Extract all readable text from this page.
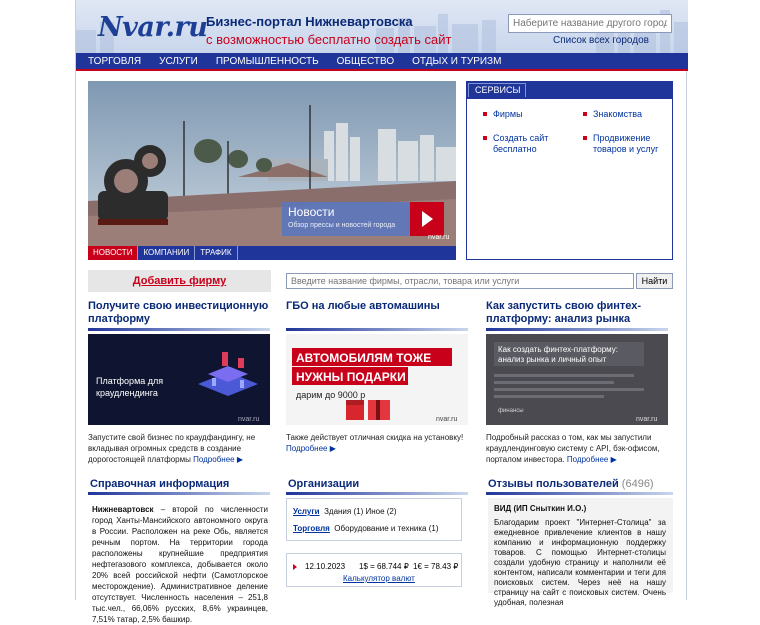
Nvar.ru
Бизнес-портал Нижневартовска
с возможностью бесплатно создать сайт
Наберите название другого города	Список всех городов
ТОРГОВЛЯ	УСЛУГИ	ПРОМЫШЛЕННОСТЬ	ОБЩЕСТВО	ОТДЫХ И ТУРИЗМ
Новости
Обзор прессы и новостей города
nvar.ru
НОВОСТИ	КОМПАНИИ	ТРАФИК
СЕРВИСЫ
Фирмы	Знакомства
Создать сайт бесплатно
Продвижение товаров и услуг
Добавить фирму
Введите название фирмы, отрасли, товара или услуги	Найти
Получите свою инвестиционную платформу
Платформа для
краудлендинга
nvar.ru
Запустите свой бизнес по краудфандингу, не вкладывая огромных средств в создание дорогостоящей платформы Подробнее ▶
ГБО на любые автомашины
АВТОМОБИЛЯМ ТОЖЕ
НУЖНЫ ПОДАРКИ
дарим до 9000 р
nvar.ru
Также действует отличная скидка на установку!
Подробнее ▶
Как запустить свою финтех-платформу: анализ рынка
Как создать финтех-платформу:
анализ рынка и личный опыт
финансы
nvar.ru
Подробный рассказ о том, как мы запустили краудлендинговую систему с API, бэк-офисом, порталом инвестора. Подробнее ▶
Справочная информация
Нижневартовск – второй по численности город Ханты-Мансийского автономного округа в России. Расположен на реке Обь, является речным портом. На территории города расположены крупнейшие предприятия нефтегазового комплекса, добывается около 20% всей российской нефти (Самотлорское месторождение). Административное деление отсутствует. Численность населения – 251,8 тыс.чел., 66,06% русских, 8,6% украинцев, 7,51% татар, 2,5% башкир.
Организации
Услуги Здания (1) Иное (2)
Торговля Оборудование и техника (1)
12.10.2023 1$ = 68.744 ₽ 1€ = 78.43 ₽
Калькулятор валют
Отзывы пользователей (6496)
ВИД (ИП Сныткин И.О.)
Благодарим проект "Интернет-Столица" за ежедневное привлечение клиентов в нашу компанию и информационную поддержку товаров. С помощью Интернет-столицы создали удобную страницу и наполнили её контентом, написали комментарии и теги для поисковых систем. Через неё на нашу страницу на сайт с поисковых систем. Очень удобная, полезная
